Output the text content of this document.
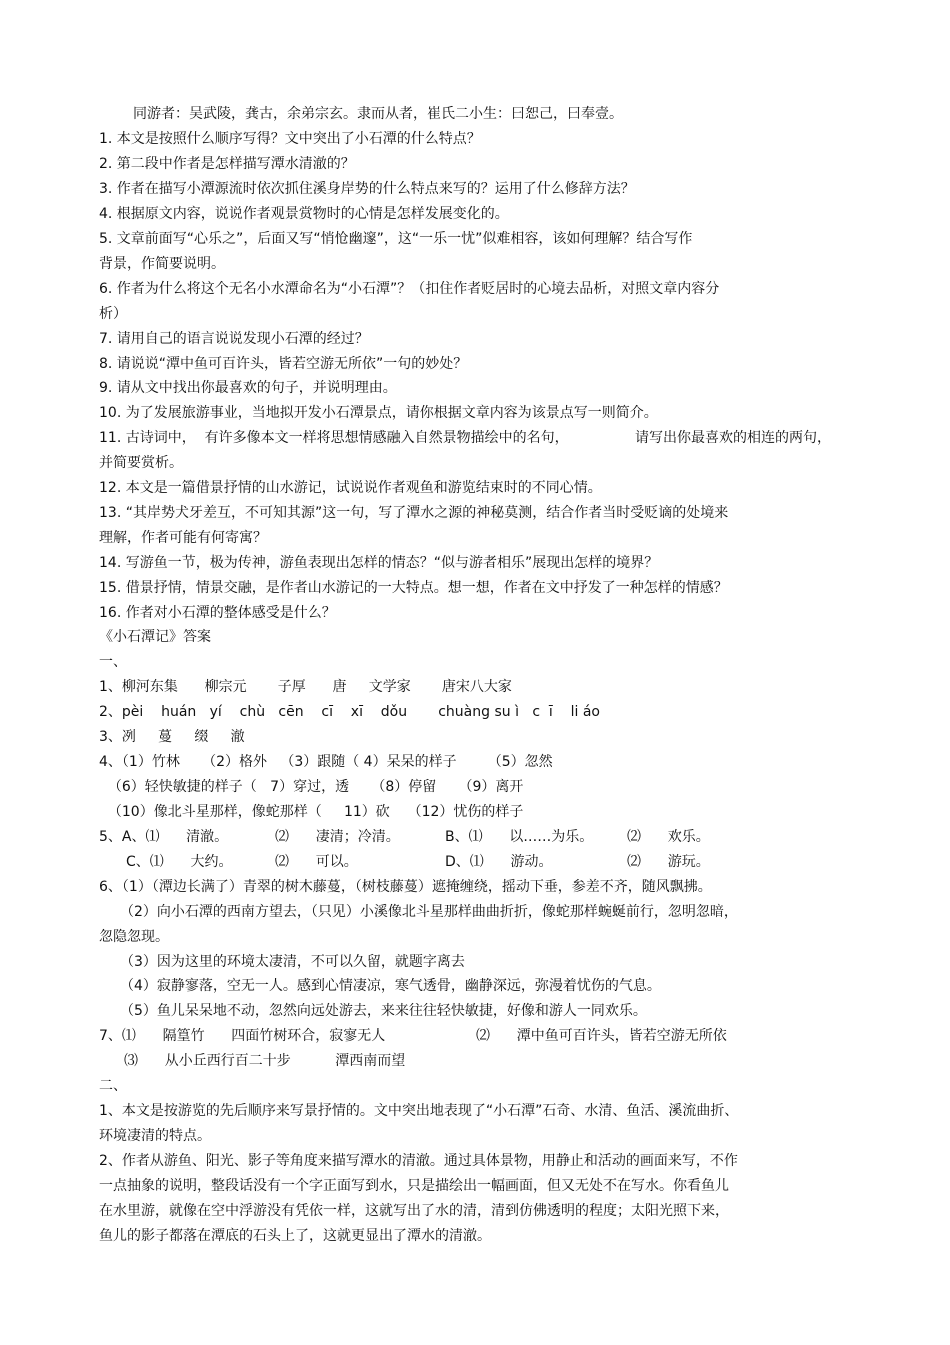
同游者：吴武陵，龚古，余弟宗玄。隶而从者，崔氏二小生：曰恕己，曰奉壹。
1. 本文是按照什么顺序写得？文中突出了小石潭的什么特点？
2. 第二段中作者是怎样描写潭水清澈的？
3. 作者在描写小潭源流时依次抓住溪身岸势的什么特点来写的？运用了什么修辞方法？
4. 根据原文内容，说说作者观景赏物时的心情是怎样发展变化的。
5. 文章前面写“心乐之”，后面又写“悄怆幽邃”，这“一乐一忧”似难相容，该如何理解？结合写作
背景，作简要说明。
6. 作者为什么将这个无名小水潭命名为“小石潭”？（扣住作者贬居时的心境去品析，对照文章内容分
析）
7. 请用自己的语言说说发现小石潭的经过？
8. 请说说“潭中鱼可百许头，皆若空游无所依”一句的妙处？
9. 请从文中找出你最喜欢的句子，并说明理由。
10. 为了发展旅游事业，当地拟开发小石潭景点，请你根据文章内容为该景点写一则简介。
11. 古诗词中，  有许多像本文一样将思想情感融入自然景物描绘中的名句，	请写出你最喜欢的相连的两句，
并简要赏析。
12. 本文是一篇借景抒情的山水游记，试说说作者观鱼和游览结束时的不同心情。
13. “其岸势犬牙差互，不可知其源”这一句，写了潭水之源的神秘莫测，结合作者当时受贬谪的处境来
理解，作者可能有何寄寓？
14. 写游鱼一节，极为传神，游鱼表现出怎样的情态？“似与游者相乐”展现出怎样的境界？
15. 借景抒情，情景交融，是作者山水游记的一大特点。想一想，作者在文中抒发了一种怎样的情感？
16. 作者对小石潭的整体感受是什么？
《小石潭记》答案
一、
1、柳河东集      柳宗元       子厚      唐     文学家       唐宋八大家
2、pèi    huán   yí    chù   cēn    cī    xī    dǒu       chuàng su ì   c  ī    li áo
3、冽     蔓     缀     澈
4、（1）竹林     （2）格外   （3）跟随（ 4）呆呆的样子       （5）忽然
（6）轻快敏捷的样子（   7）穿过，透     （8）停留     （9）离开
（10）像北斗星那样，像蛇那样（     11）砍    （12）忧伤的样子
5、A、⑴      清澈。	⑵      凄清；冷清。	B、⑴      以……为乐。 ⑵      欢乐。
C、⑴      大约。	⑵      可以。	D、⑴      游动。	⑵      游玩。
6、（1）（潭边长满了）青翠的树木藤蔓，（树枝藤蔓）遮掩缠绕，摇动下垂，参差不齐，随风飘拂。
（2）向小石潭的西南方望去，（只见）小溪像北斗星那样曲曲折折，像蛇那样蜿蜒前行，忽明忽暗，
忽隐忽现。
（3）因为这里的环境太凄清，不可以久留，就题字离去
（4）寂静寥落，空无一人。感到心情凄凉，寒气透骨，幽静深远，弥漫着忧伤的气息。
（5）鱼儿呆呆地不动，忽然向远处游去，来来往往轻快敏捷，好像和游人一同欢乐。
7、⑴      隔篁竹      四面竹树环合，寂寥无人	⑵      潭中鱼可百许头，皆若空游无所依
⑶      从小丘西行百二十步          潭西南而望
二、
1、本文是按游览的先后顺序来写景抒情的。文中突出地表现了“小石潭”石奇、水清、鱼活、溪流曲折、
环境凄清的特点。
2、作者从游鱼、阳光、影子等角度来描写潭水的清澈。通过具体景物，用静止和活动的画面来写，不作
一点抽象的说明，整段话没有一个字正面写到水，只是描绘出一幅画面，但又无处不在写水。你看鱼儿
在水里游，就像在空中浮游没有凭依一样，这就写出了水的清，清到仿佛透明的程度；太阳光照下来，
鱼儿的影子都落在潭底的石头上了，这就更显出了潭水的清澈。
